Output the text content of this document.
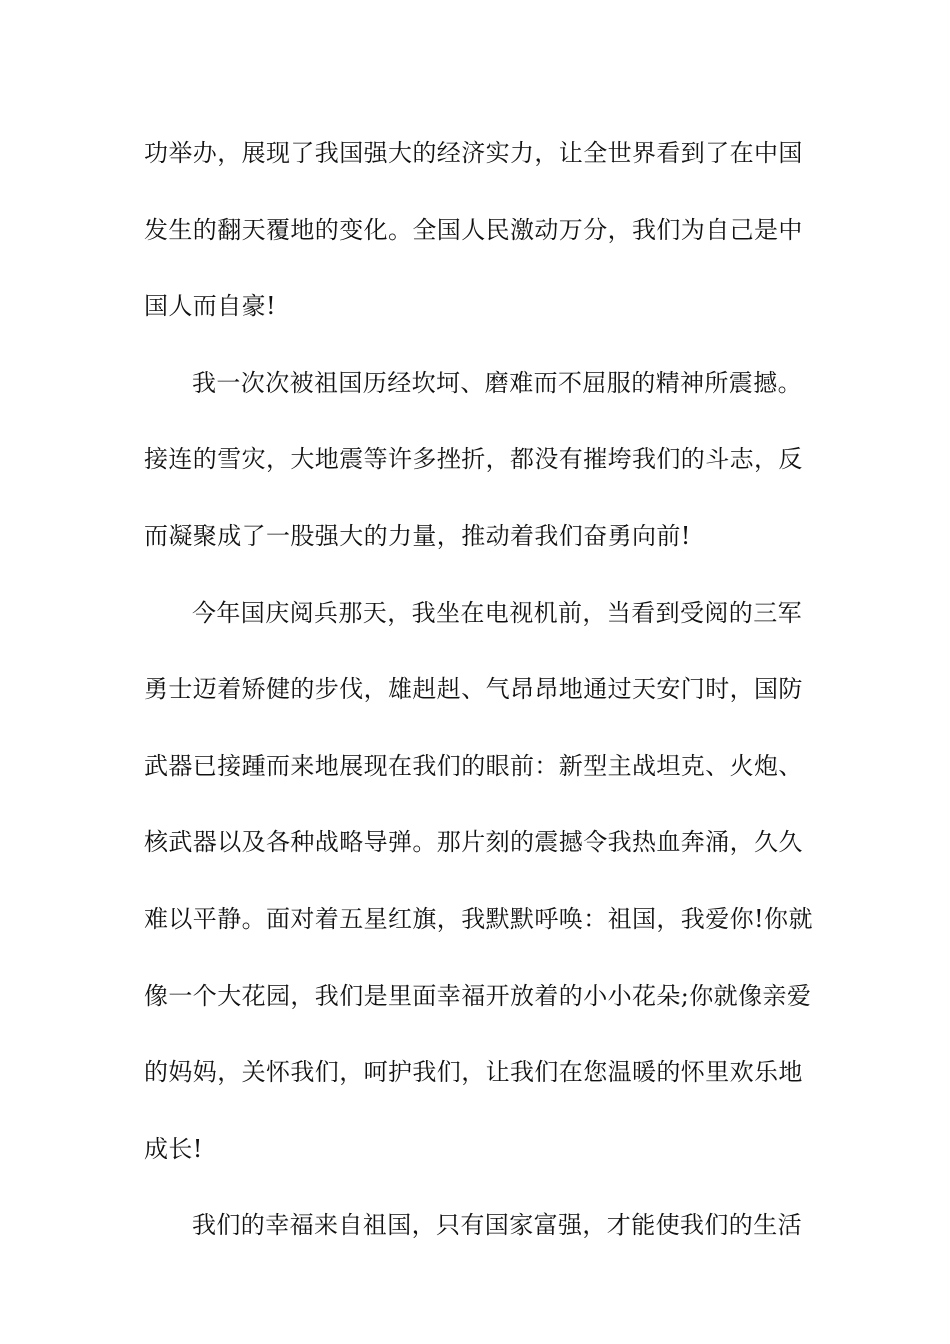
功举办，展现了我国强大的经济实力，让全世界看到了在中国
发生的翻天覆地的变化。全国人民激动万分，我们为自己是中
国人而自豪!
我一次次被祖国历经坎坷、磨难而不屈服的精神所震撼。
接连的雪灾，大地震等许多挫折，都没有摧垮我们的斗志，反
而凝聚成了一股强大的力量，推动着我们奋勇向前!
今年国庆阅兵那天，我坐在电视机前，当看到受阅的三军
勇士迈着矫健的步伐，雄赳赳、气昂昂地通过天安门时，国防
武器已接踵而来地展现在我们的眼前：新型主战坦克、火炮、
核武器以及各种战略导弹。那片刻的震撼令我热血奔涌，久久
难以平静。面对着五星红旗，我默默呼唤：祖国，我爱你!你就
像一个大花园，我们是里面幸福开放着的小小花朵;你就像亲爱
的妈妈，关怀我们，呵护我们，让我们在您温暖的怀里欢乐地
成长!
我们的幸福来自祖国，只有国家富强，才能使我们的生活
